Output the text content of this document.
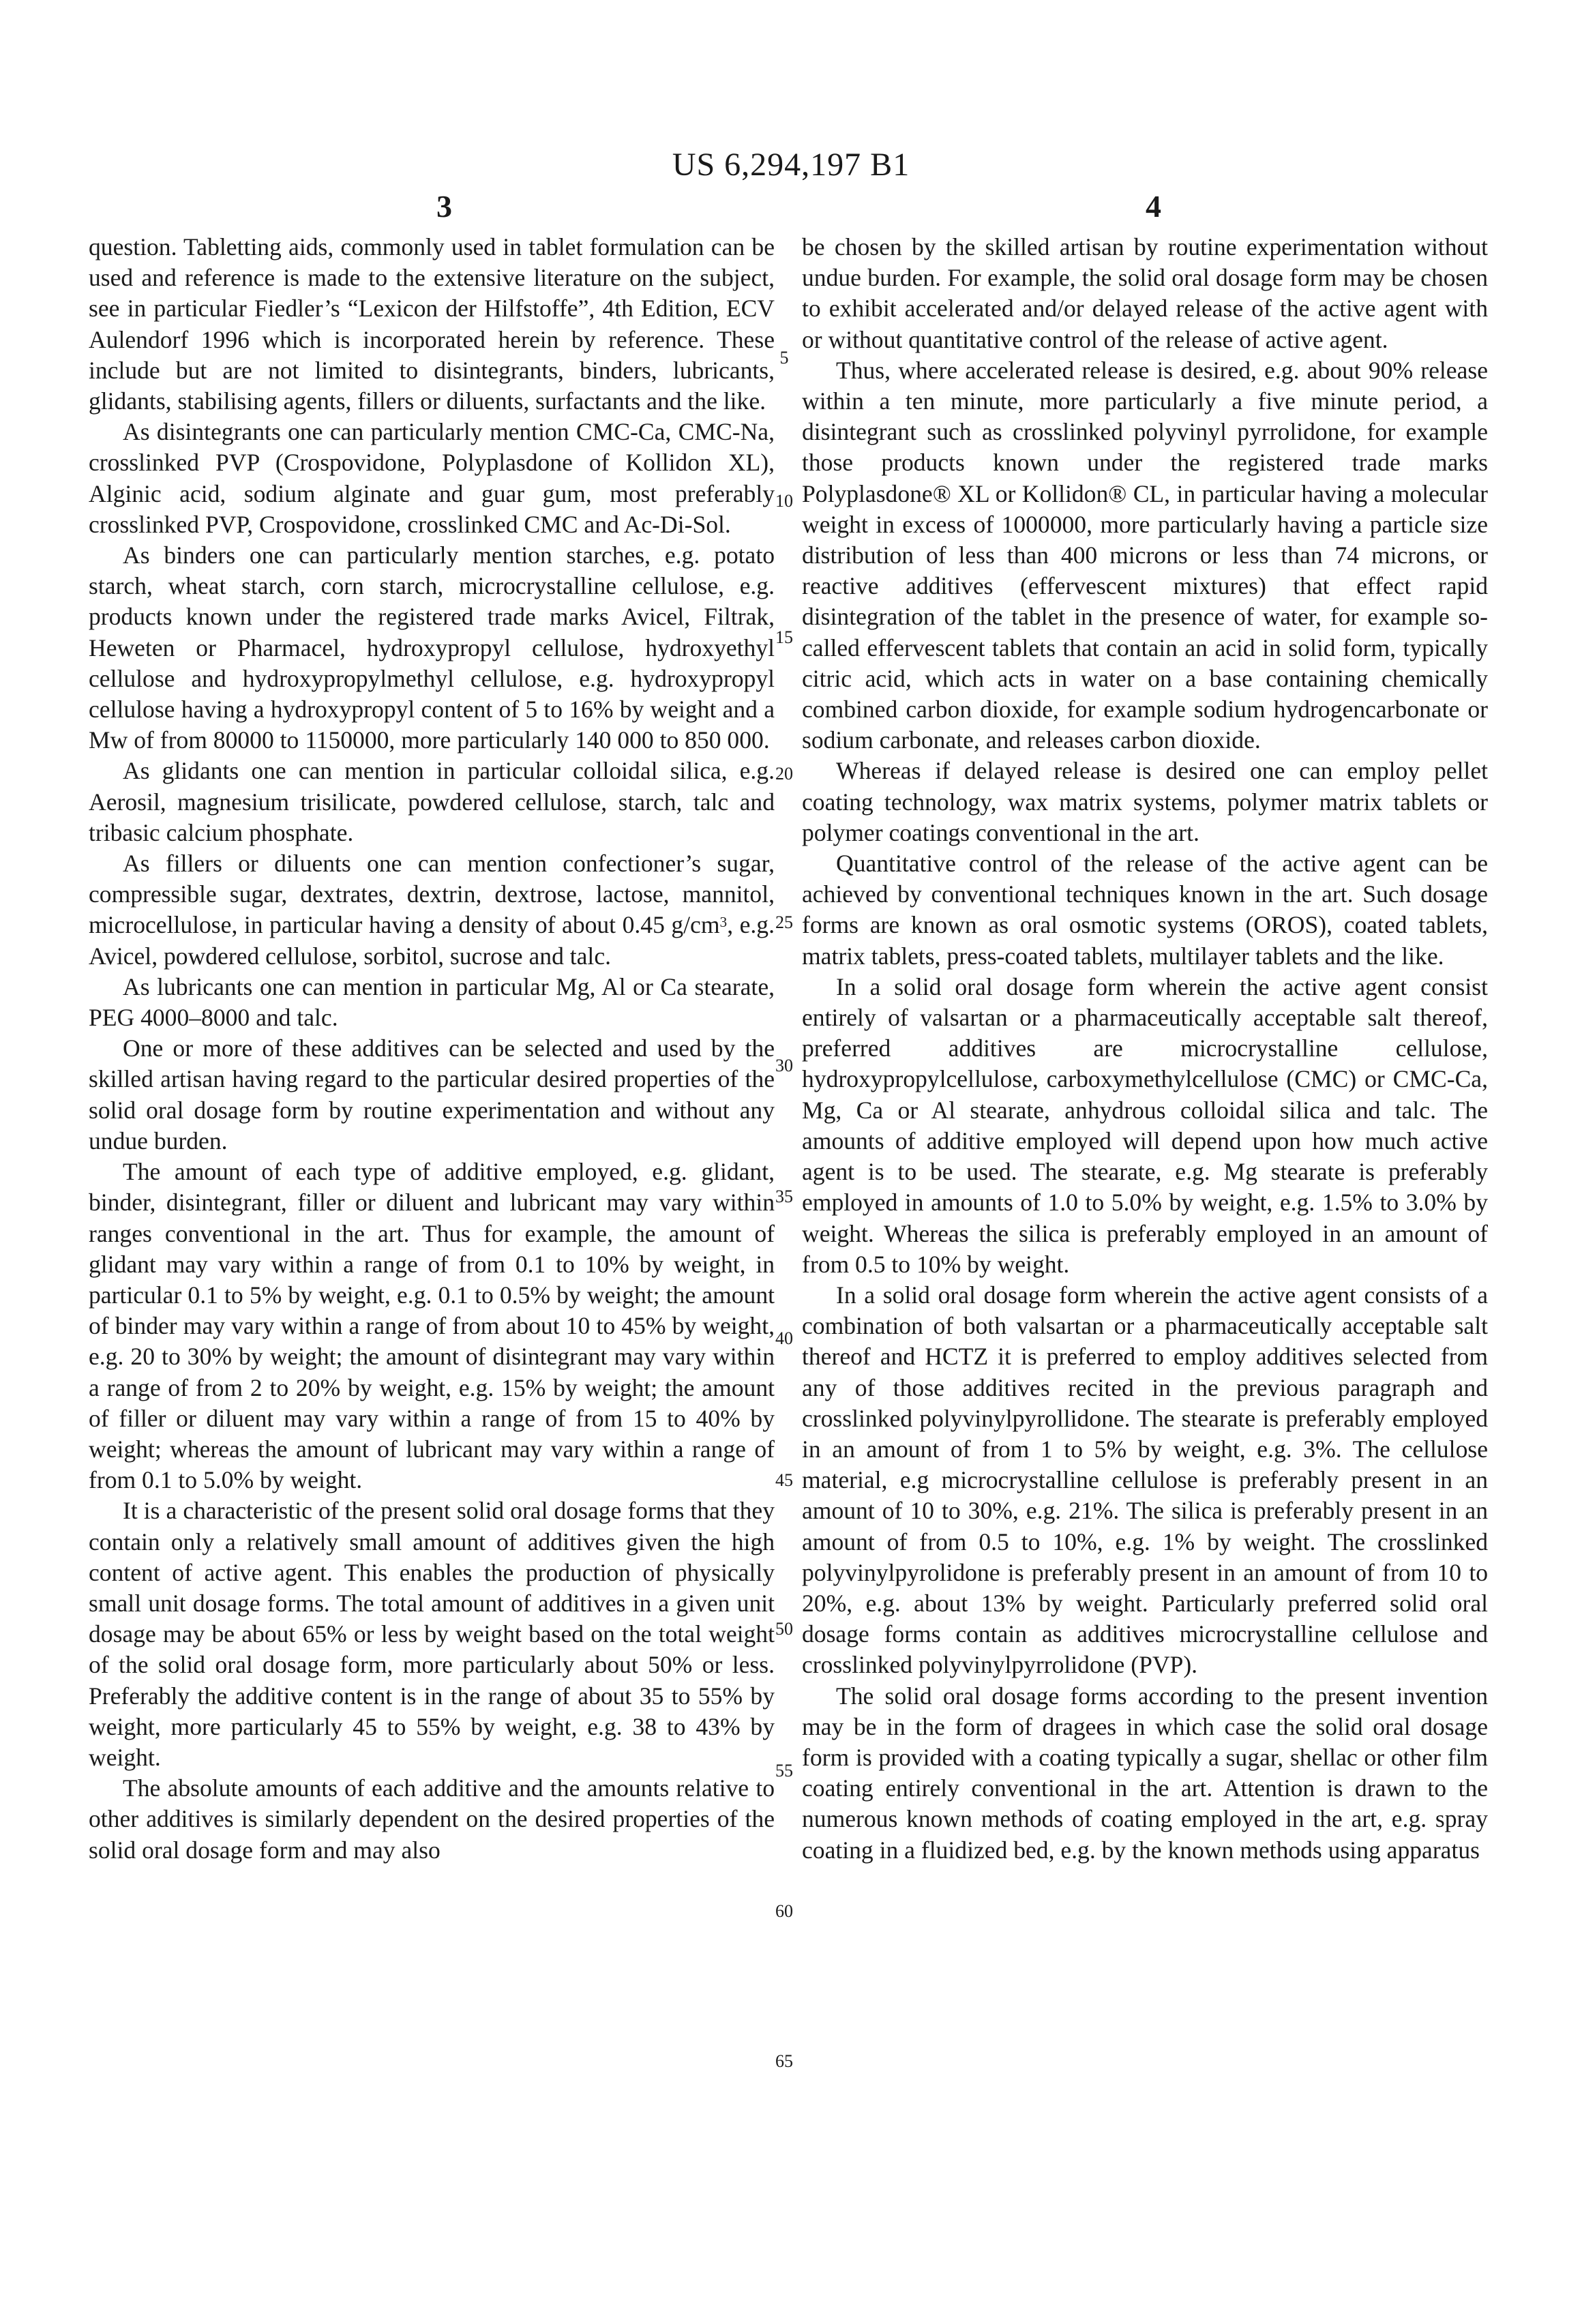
US 6,294,197 B1
3	4

question. Tabletting aids, commonly used in tablet formulation can be used and reference is made to the extensive literature on the subject, see in particular Fiedler’s “Lexicon der Hilfstoffe”, 4th Edition, ECV Aulendorf 1996 which is incorporated herein by reference. These include but are not limited to disintegrants, binders, lubricants, glidants, stabilising agents, fillers or diluents, surfactants and the like.

As disintegrants one can particularly mention CMC-Ca, CMC-Na, crosslinked PVP (Crospovidone, Polyplasdone of Kollidon XL), Alginic acid, sodium alginate and guar gum, most preferably crosslinked PVP, Crospovidone, crosslinked CMC and Ac-Di-Sol.

As binders one can particularly mention starches, e.g. potato starch, wheat starch, corn starch, microcrystalline cellulose, e.g. products known under the registered trade marks Avicel, Filtrak, Heweten or Pharmacel, hydroxypropyl cellulose, hydroxyethyl cellulose and hydroxypropylmethyl cellulose, e.g. hydroxypropyl cellulose having a hydroxypropyl content of 5 to 16% by weight and a Mw of from 80000 to 1150000, more particularly 140 000 to 850 000.

As glidants one can mention in particular colloidal silica, e.g. Aerosil, magnesium trisilicate, powdered cellulose, starch, talc and tribasic calcium phosphate.

As fillers or diluents one can mention confectioner’s sugar, compressible sugar, dextrates, dextrin, dextrose, lactose, mannitol, microcellulose, in particular having a density of about 0.45 $g/cm^3$, e.g. Avicel, powdered cellulose, sorbitol, sucrose and talc.

As lubricants one can mention in particular Mg, Al or Ca stearate, PEG 4000–8000 and talc.

One or more of these additives can be selected and used by the skilled artisan having regard to the particular desired properties of the solid oral dosage form by routine experimentation and without any undue burden.

The amount of each type of additive employed, e.g. glidant, binder, disintegrant, filler or diluent and lubricant may vary within ranges conventional in the art. Thus for example, the amount of glidant may vary within a range of from 0.1 to 10% by weight, in particular 0.1 to 5% by weight, e.g. 0.1 to 0.5% by weight; the amount of binder may vary within a range of from about 10 to 45% by weight, e.g. 20 to 30% by weight; the amount of disintegrant may vary within a range of from 2 to 20% by weight, e.g. 15% by weight; the amount of filler or diluent may vary within a range of from 15 to 40% by weight; whereas the amount of lubricant may vary within a range of from 0.1 to 5.0% by weight.

It is a characteristic of the present solid oral dosage forms that they contain only a relatively small amount of additives given the high content of active agent. This enables the production of physically small unit dosage forms. The total amount of additives in a given unit dosage may be about 65% or less by weight based on the total weight of the solid oral dosage form, more particularly about 50% or less. Preferably the additive content is in the range of about 35 to 55% by weight, more particularly 45 to 55% by weight, e.g. 38 to 43% by weight.

The absolute amounts of each additive and the amounts relative to other additives is similarly dependent on the desired properties of the solid oral dosage form and may also

be chosen by the skilled artisan by routine experimentation without undue burden. For example, the solid oral dosage form may be chosen to exhibit accelerated and/or delayed release of the active agent with or without quantitative control of the release of active agent.

Thus, where accelerated release is desired, e.g. about 90% release within a ten minute, more particularly a five minute period, a disintegrant such as crosslinked polyvinyl pyrrolidone, for example those products known under the registered trade marks Polyplasdone® XL or Kollidon® CL, in particular having a molecular weight in excess of 1000000, more particularly having a particle size distribution of less than 400 microns or less than 74 microns, or reactive additives (effervescent mixtures) that effect rapid disintegration of the tablet in the presence of water, for example so-called effervescent tablets that contain an acid in solid form, typically citric acid, which acts in water on a base containing chemically combined carbon dioxide, for example sodium hydrogencarbonate or sodium carbonate, and releases carbon dioxide.

Whereas if delayed release is desired one can employ pellet coating technology, wax matrix systems, polymer matrix tablets or polymer coatings conventional in the art.

Quantitative control of the release of the active agent can be achieved by conventional techniques known in the art. Such dosage forms are known as oral osmotic systems (OROS), coated tablets, matrix tablets, press-coated tablets, multilayer tablets and the like.

In a solid oral dosage form wherein the active agent consist entirely of valsartan or a pharmaceutically acceptable salt thereof, preferred additives are microcrystalline cellulose, hydroxypropylcellulose, carboxymethylcellulose (CMC) or CMC-Ca, Mg, Ca or Al stearate, anhydrous colloidal silica and talc. The amounts of additive employed will depend upon how much active agent is to be used. The stearate, e.g. Mg stearate is preferably employed in amounts of 1.0 to 5.0% by weight, e.g. 1.5% to 3.0% by weight. Whereas the silica is preferably employed in an amount of from 0.5 to 10% by weight.

In a solid oral dosage form wherein the active agent consists of a combination of both valsartan or a pharmaceutically acceptable salt thereof and HCTZ it is preferred to employ additives selected from any of those additives recited in the previous paragraph and crosslinked polyvinylpyrollidone. The stearate is preferably employed in an amount of from 1 to 5% by weight, e.g. 3%. The cellulose material, e.g microcrystalline cellulose is preferably present in an amount of 10 to 30%, e.g. 21%. The silica is preferably present in an amount of from 0.5 to 10%, e.g. 1% by weight. The crosslinked polyvinylpyrolidone is preferably present in an amount of from 10 to 20%, e.g. about 13% by weight. Particularly preferred solid oral dosage forms contain as additives microcrystalline cellulose and crosslinked polyvinylpyrrolidone (PVP).

The solid oral dosage forms according to the present invention may be in the form of dragees in which case the solid oral dosage form is provided with a coating typically a sugar, shellac or other film coating entirely conventional in the art. Attention is drawn to the numerous known methods of coating employed in the art, e.g. spray coating in a fluidized bed, e.g. by the known methods using apparatus

5
10
15
20
25
30
35
40
45
50
55
60
65
